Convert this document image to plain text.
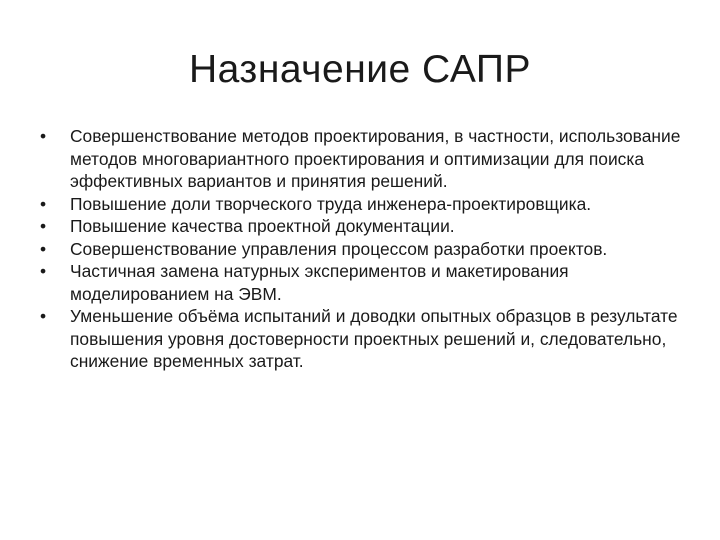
Назначение САПР
•	Совершенствование методов проектирования, в частности, использование методов многовариантного проектирования и оптимизации для поиска эффективных вариантов и принятия решений.
•	Повышение доли творческого труда инженера-проектировщика.
•	Повышение качества проектной документации.
•	Совершенствование управления процессом разработки проектов.
•	Частичная замена натурных экспериментов и макетирования моделированием на ЭВМ.
•	Уменьшение объёма испытаний и доводки опытных образцов в результате повышения уровня достоверности проектных решений и, следовательно, снижение временных затрат.
